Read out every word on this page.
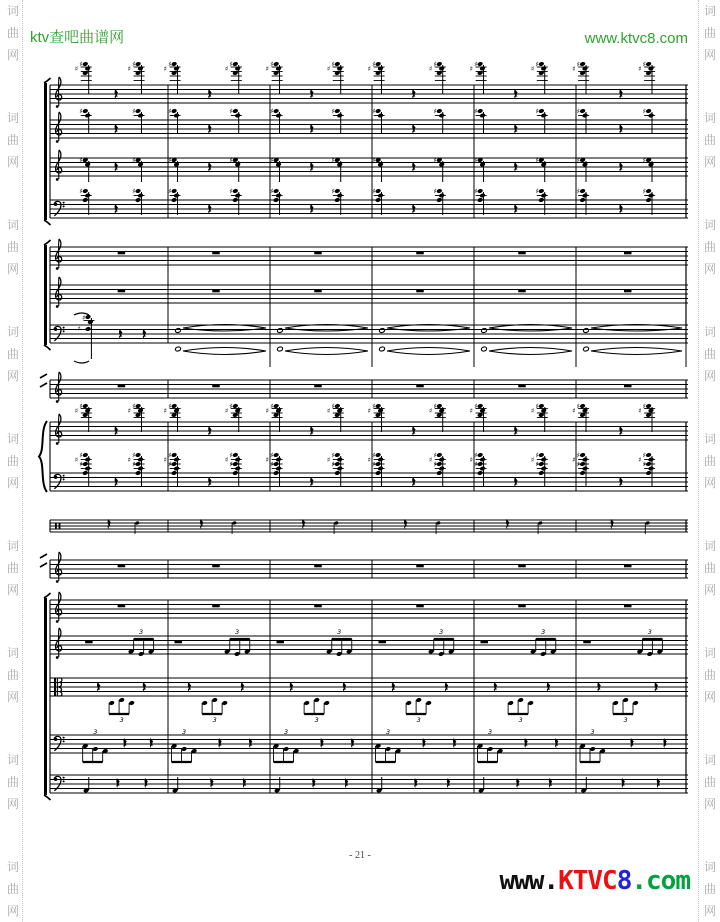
词
曲
网
词
曲
网
词
曲
网
词
曲
网
词
曲
网
词
曲
网
词
曲
网
词
曲
网
词
曲
网
词
曲
网
词
曲
网
词
曲
网
词
曲
网
词
曲
网
词
曲
网
词
曲
网
词
曲
网
词
曲
网
ktv查吧曲谱网	www.ktvc8.com
♯
♯
♯
♯
♯
♯
♯
♯
♯
♯
♯
♯
♯
♯
♯
♯
♯
♯
♯
♯
♯
♯
♯
♯
♯	♯	♯	♯	♯	♯	♯	♯	♯	♯	♯	♯
♯	♯	♯	♯	♯	♯	♯	♯	♯	♯	♯	♯
♯	♯	♯	♯	♯	♯	♯	♯	♯	♯	♯	♯
♯
♯
♯
♯
♯
♯
♯
♯
♯
♯
♯
♯
♯
♯
♯
♯
♯
♯
♯
♯
♯
♯
♯
♯
♯
♯
♯
♯
♯
♯
♯
♯
♯
♯
♯
♯
♯
♯
♯
♯
♯
♯
♯
♯
♯
♯
♯
♯
♯
♯
♯
♯
♯
♯
♯
♯
♯
♯
♯
♯
♯
♯
3	3	3	3	3	3
3	3	3	3	3	3
3	3	3	3	3	3
- 21 -
www.KTVC8.com
